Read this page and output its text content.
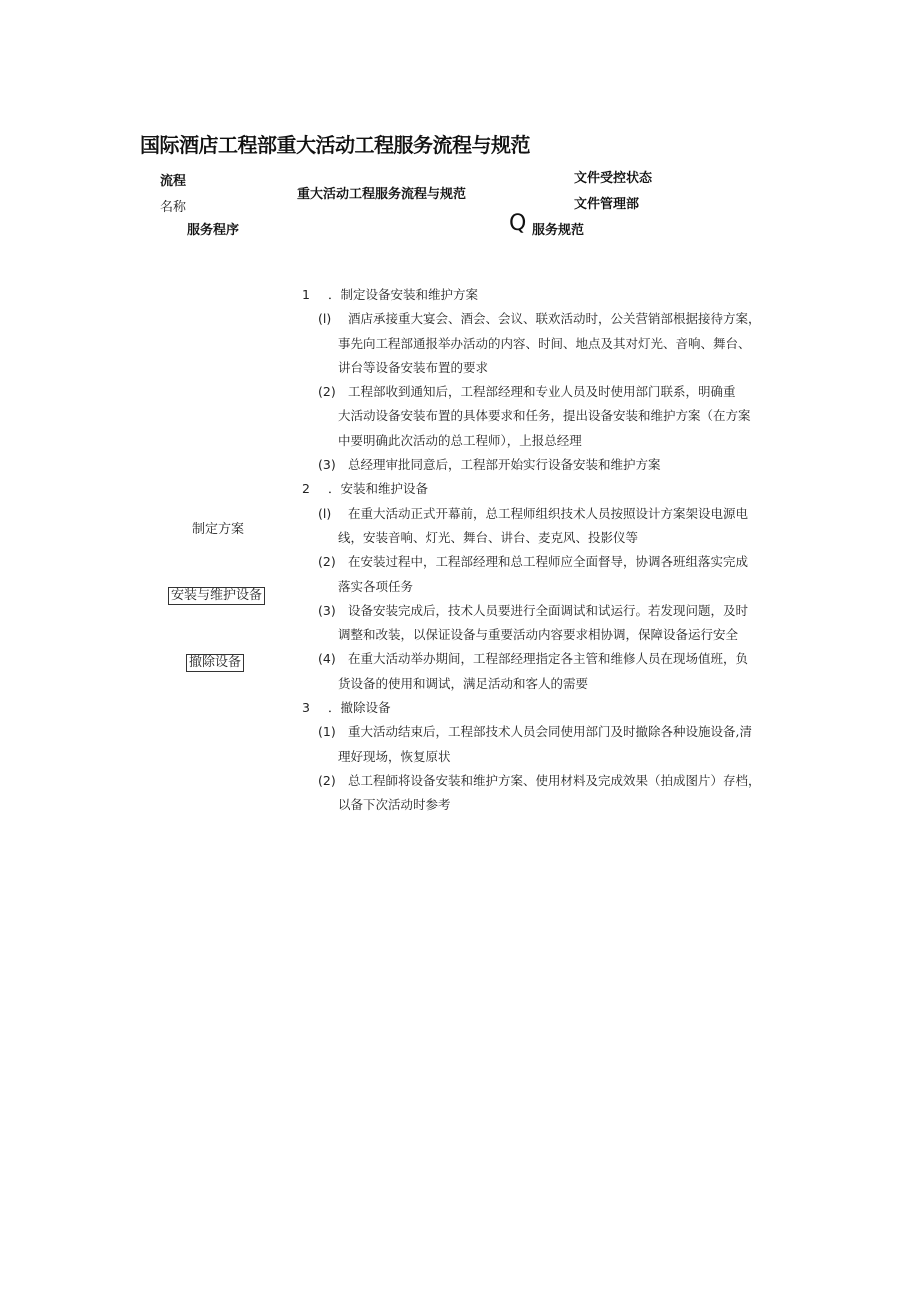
国际酒店工程部重大活动工程服务流程与规范
流程
名称
重大活动工程服务流程与规范
文件受控状态
文件管理部
服务程序	Q 服务规范
制定方案
安装与维护设备
撤除设备
1 ．制定设备安装和维护方案
(l) 酒店承接重大宴会、酒会、会议、联欢活动时，公关营销部根据接待方案，
事先向工程部通报举办活动的内容、时间、地点及其对灯光、音响、舞台、
讲台等设备安装布置的要求
(2) 工程部收到通知后，工程部经理和专业人员及时使用部门联系，明确重
大活动设备安装布置的具体要求和任务，提出设备安装和维护方案（在方案
中要明确此次活动的总工程师），上报总经理
(3) 总经理审批同意后，工程部开始实行设备安装和维护方案
2 ．安装和维护设备
(l) 在重大活动正式开幕前，总工程师组织技术人员按照设计方案架设电源电
线，安装音响、灯光、舞台、讲台、麦克风、投影仪等
(2) 在安装过程中，工程部经理和总工程师应全面督导，协调各班组落实完成
落实各项任务
(3) 设备安装完成后，技术人员要进行全面调试和试运行。若发现问题，及时
调整和改装，以保证设备与重要活动内容要求相协调，保障设备运行安全
(4) 在重大活动举办期间，工程部经理指定各主管和维修人员在现场值班，负
货设备的使用和调试，满足活动和客人的需要
3 ．撤除设备
(1) 重大活动结束后，工程部技术人员会同使用部门及时撤除各种设施设备,清
理好现场，恢复原状
(2) 总工程師将设备安装和维护方案、使用材料及完成效果（拍成图片）存档，
以备下次活动时参考
